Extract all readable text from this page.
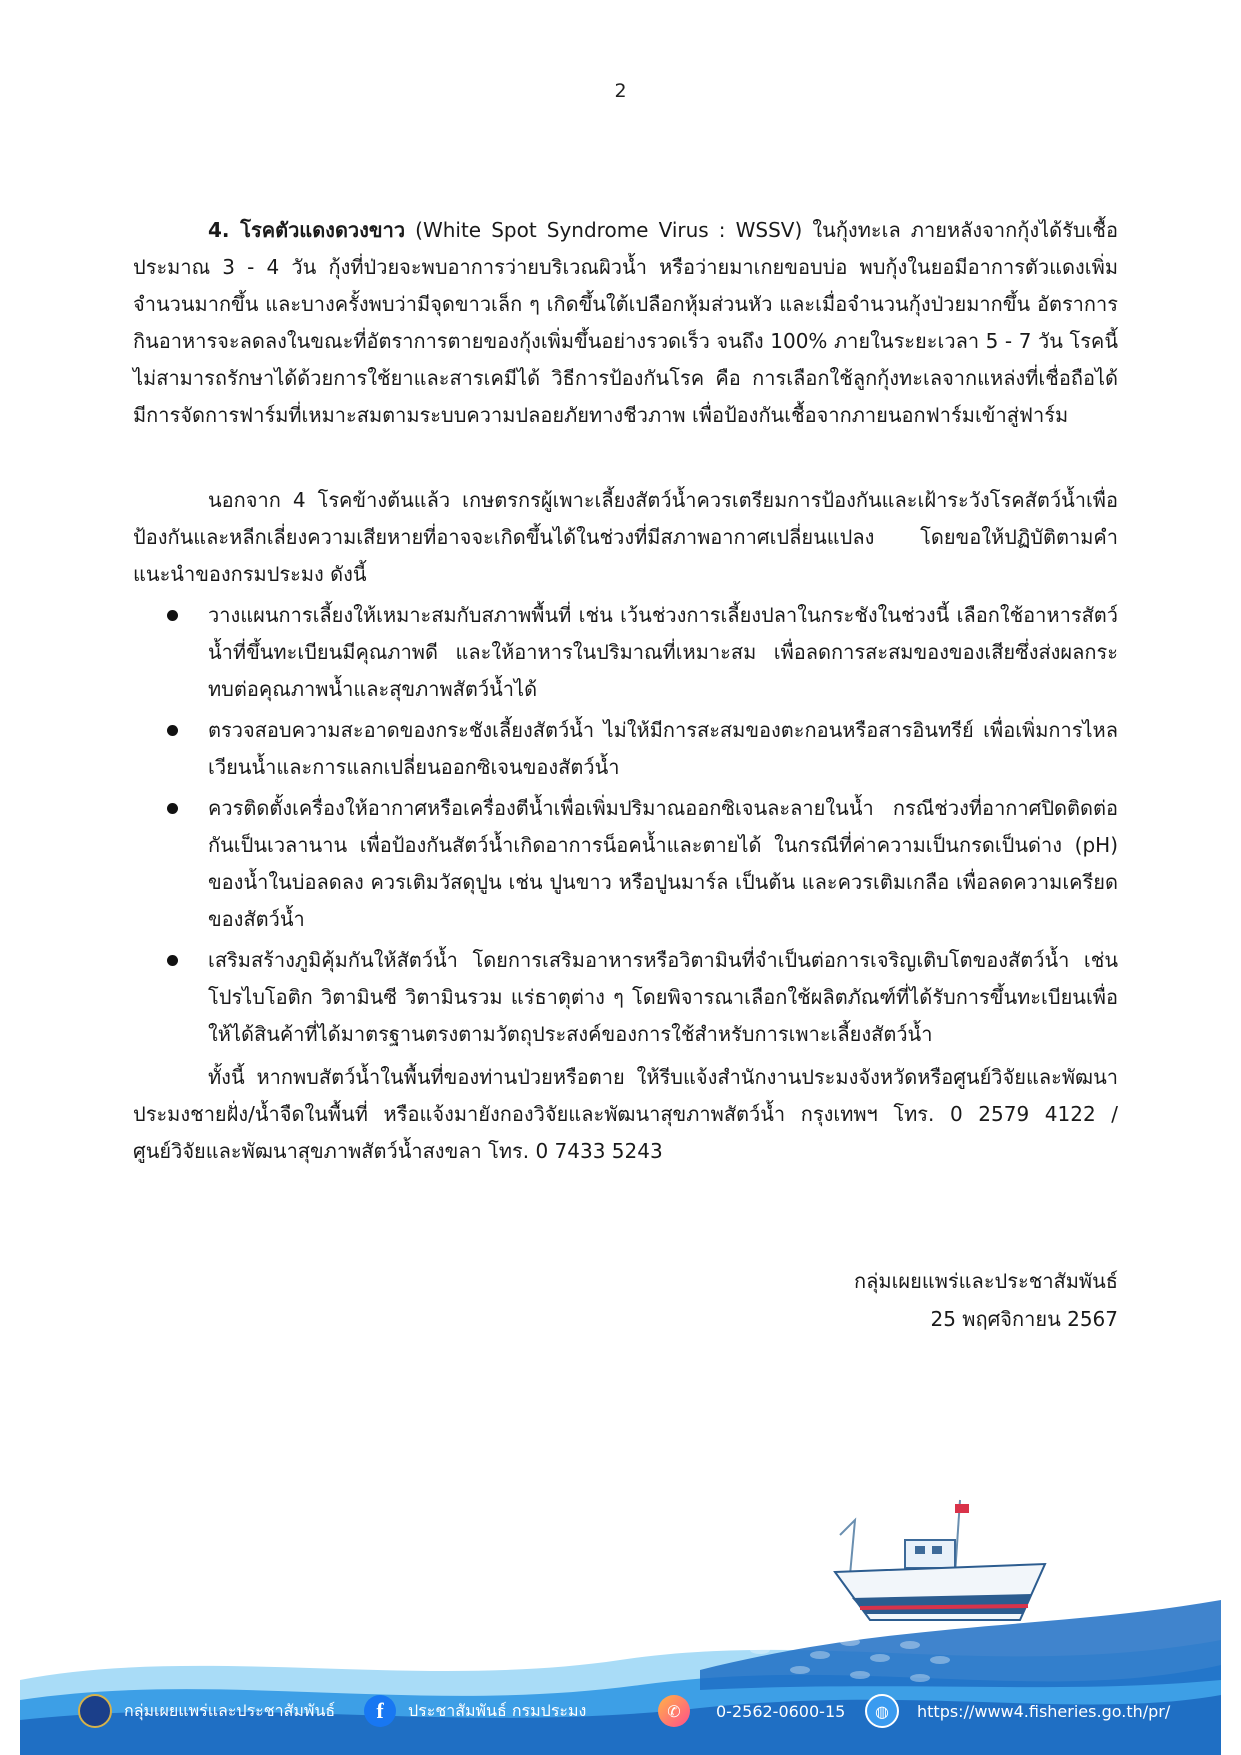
2

4. โรคตัวแดงดวงขาว (White Spot Syndrome Virus : WSSV) ในกุ้งทะเล ภายหลังจากกุ้งได้รับเชื้อประมาณ 3 - 4 วัน กุ้งที่ป่วยจะพบอาการว่ายบริเวณผิวน้ำ หรือว่ายมาเกยขอบบ่อ พบกุ้งในยอมีอาการตัวแดงเพิ่มจำนวนมากขึ้น และบางครั้งพบว่ามีจุดขาวเล็ก ๆ เกิดขึ้นใต้เปลือกหุ้มส่วนหัว และเมื่อจำนวนกุ้งป่วยมากขึ้น อัตราการกินอาหารจะลดลงในขณะที่อัตราการตายของกุ้งเพิ่มขึ้นอย่างรวดเร็ว จนถึง 100% ภายในระยะเวลา 5 - 7 วัน โรคนี้ไม่สามารถรักษาได้ด้วยการใช้ยาและสารเคมีได้ วิธีการป้องกันโรค คือ การเลือกใช้ลูกกุ้งทะเลจากแหล่งที่เชื่อถือได้ มีการจัดการฟาร์มที่เหมาะสมตามระบบความปลอยภัยทางชีวภาพ เพื่อป้องกันเชื้อจากภายนอกฟาร์มเข้าสู่ฟาร์ม

นอกจาก 4 โรคข้างต้นแล้ว เกษตรกรผู้เพาะเลี้ยงสัตว์น้ำควรเตรียมการป้องกันและเฝ้าระวังโรคสัตว์น้ำเพื่อป้องกันและหลีกเลี่ยงความเสียหายที่อาจจะเกิดขึ้นได้ในช่วงที่มีสภาพอากาศเปลี่ยนแปลง โดยขอให้ปฏิบัติตามคำแนะนำของกรมประมง ดังนี้

วางแผนการเลี้ยงให้เหมาะสมกับสภาพพื้นที่ เช่น เว้นช่วงการเลี้ยงปลาในกระชังในช่วงนี้ เลือกใช้อาหารสัตว์น้ำที่ขึ้นทะเบียนมีคุณภาพดี และให้อาหารในปริมาณที่เหมาะสม เพื่อลดการสะสมของของเสียซึ่งส่งผลกระทบต่อคุณภาพน้ำและสุขภาพสัตว์น้ำได้
ตรวจสอบความสะอาดของกระชังเลี้ยงสัตว์น้ำ ไม่ให้มีการสะสมของตะกอนหรือสารอินทรีย์ เพื่อเพิ่มการไหลเวียนน้ำและการแลกเปลี่ยนออกซิเจนของสัตว์น้ำ
ควรติดตั้งเครื่องให้อากาศหรือเครื่องตีน้ำเพื่อเพิ่มปริมาณออกซิเจนละลายในน้ำ กรณีช่วงที่อากาศปิดติดต่อกันเป็นเวลานาน เพื่อป้องกันสัตว์น้ำเกิดอาการน็อคน้ำและตายได้ ในกรณีที่ค่าความเป็นกรดเป็นด่าง (pH) ของน้ำในบ่อลดลง ควรเติมวัสดุปูน เช่น ปูนขาว หรือปูนมาร์ล เป็นต้น และควรเติมเกลือ เพื่อลดความเครียดของสัตว์น้ำ
เสริมสร้างภูมิคุ้มกันให้สัตว์น้ำ โดยการเสริมอาหารหรือวิตามินที่จำเป็นต่อการเจริญเติบโตของสัตว์น้ำ เช่น โปรไบโอติก วิตามินซี วิตามินรวม แร่ธาตุต่าง ๆ โดยพิจารณาเลือกใช้ผลิตภัณฑ์ที่ได้รับการขึ้นทะเบียนเพื่อให้ได้สินค้าที่ได้มาตรฐานตรงตามวัตถุประสงค์ของการใช้สำหรับการเพาะเลี้ยงสัตว์น้ำ

ทั้งนี้ หากพบสัตว์น้ำในพื้นที่ของท่านป่วยหรือตาย ให้รีบแจ้งสำนักงานประมงจังหวัดหรือศูนย์วิจัยและพัฒนาประมงชายฝั่ง/น้ำจืดในพื้นที่ หรือแจ้งมายังกองวิจัยและพัฒนาสุขภาพสัตว์น้ำ กรุงเทพฯ โทร. 0 2579 4122 / ศูนย์วิจัยและพัฒนาสุขภาพสัตว์น้ำสงขลา โทร. 0 7433 5243

กลุ่มเผยแพร่และประชาสัมพันธ์
25 พฤศจิกายน 2567
กลุ่มเผยแพร่และประชาสัมพันธ์	f	ประชาสัมพันธ์ กรมประมง	✆	0-2562-0600-15	◍	https://www4.fisheries.go.th/pr/
